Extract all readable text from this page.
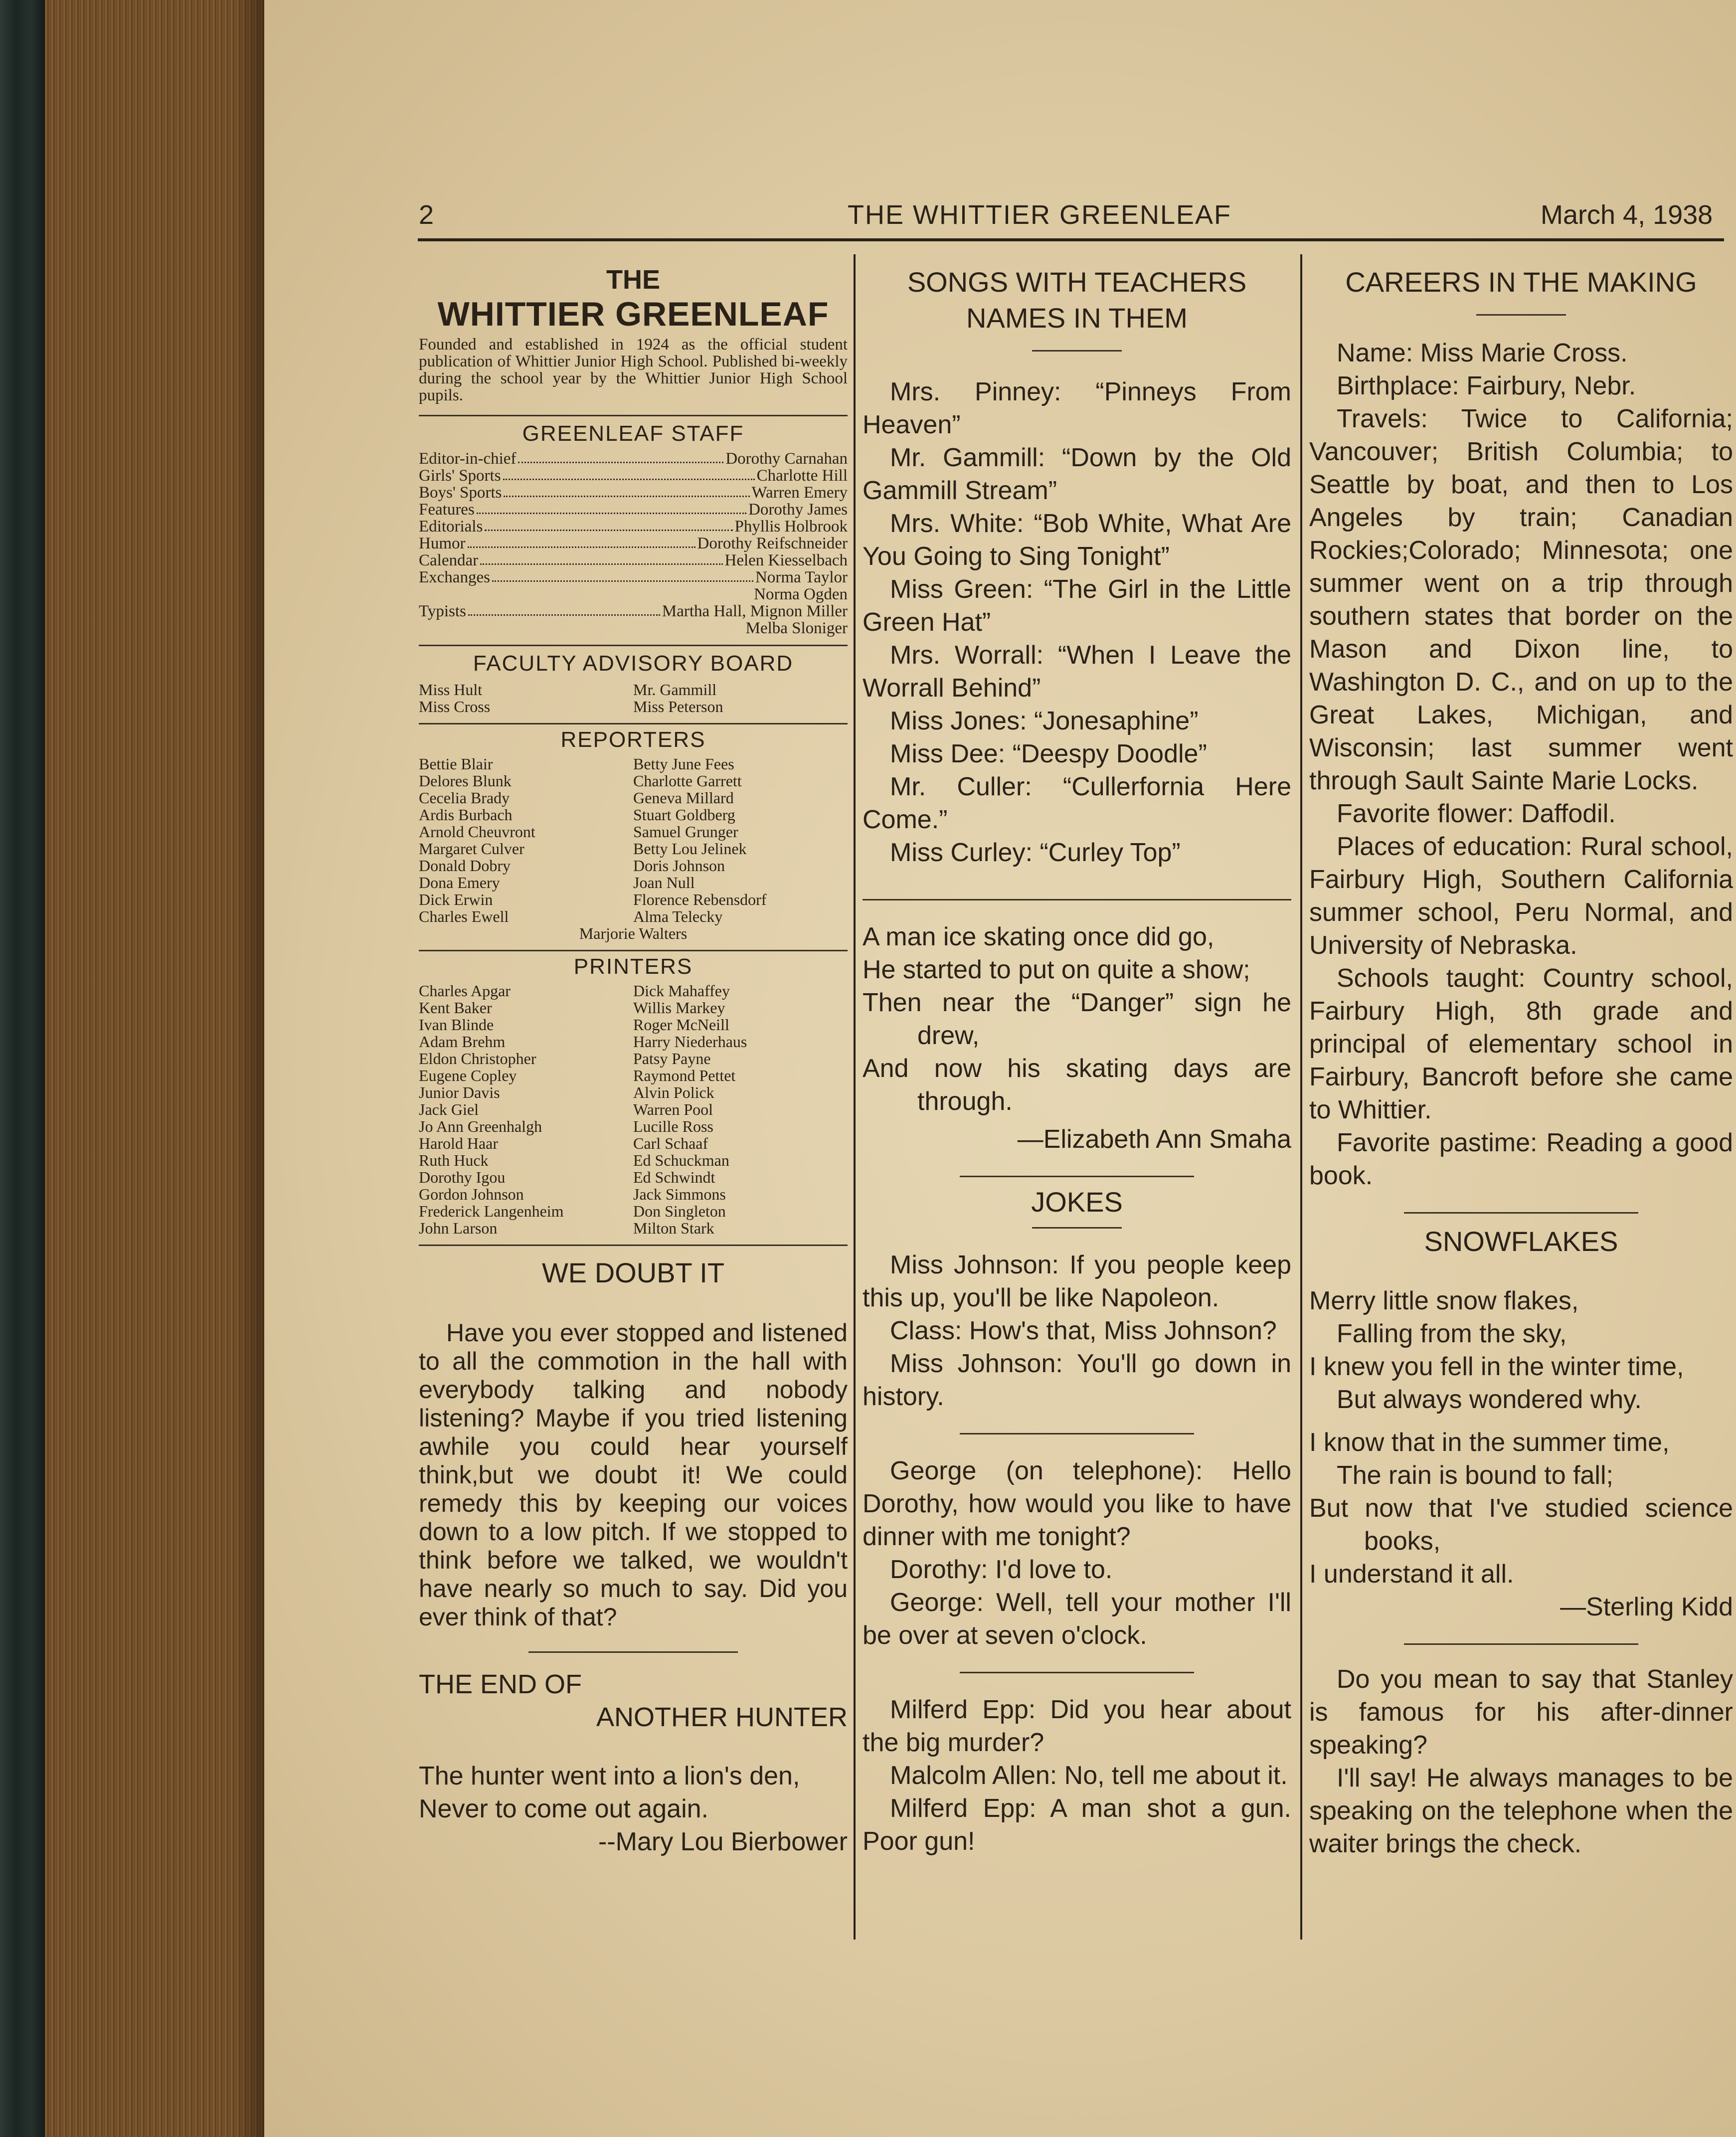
2	THE WHITTIER GREENLEAF	March 4, 1938
THE
WHITTIER GREENLEAF
Founded and established in 1924 as the official student publication of Whittier Junior High School. Published bi-weekly during the school year by the Whittier Junior High School pupils.
GREENLEAF STAFF
Editor-in-chief	Dorothy Carnahan
Girls' Sports	Charlotte Hill
Boys' Sports	Warren Emery
Features	Dorothy James
Editorials	Phyllis Holbrook
Humor	Dorothy Reifschneider
Calendar	Helen Kiesselbach
Exchanges	Norma Taylor
Norma Ogden
Typists	Martha Hall, Mignon Miller
Melba Sloniger
FACULTY ADVISORY BOARD
Miss Hult	Mr. Gammill
Miss Cross	Miss Peterson
REPORTERS
Bettie Blair	Betty June Fees
Delores Blunk	Charlotte Garrett
Cecelia Brady	Geneva Millard
Ardis Burbach	Stuart Goldberg
Arnold Cheuvront	Samuel Grunger
Margaret Culver	Betty Lou Jelinek
Donald Dobry	Doris Johnson
Dona Emery	Joan Null
Dick Erwin	Florence Rebensdorf
Charles Ewell	Alma Telecky
Marjorie Walters
PRINTERS
Charles Apgar	Dick Mahaffey
Kent Baker	Willis Markey
Ivan Blinde	Roger McNeill
Adam Brehm	Harry Niederhaus
Eldon Christopher	Patsy Payne
Eugene Copley	Raymond Pettet
Junior Davis	Alvin Polick
Jack Giel	Warren Pool
Jo Ann Greenhalgh	Lucille Ross
Harold Haar	Carl Schaaf
Ruth Huck	Ed Schuckman
Dorothy Igou	Ed Schwindt
Gordon Johnson	Jack Simmons
Frederick Langenheim	Don Singleton
John Larson	Milton Stark
WE DOUBT IT

Have you ever stopped and listened to all the commotion in the hall with everybody talking and nobody listening? Maybe if you tried listening awhile you could hear yourself think,but we doubt it! We could remedy this by keeping our voices down to a low pitch. If we stopped to think before we talked, we wouldn't have nearly so much to say. Did you ever think of that?

THE END OF
ANOTHER HUNTER

The hunter went into a lion's den,

Never to come out again.

--Mary Lou Bierbower

SONGS WITH TEACHERS
NAMES IN THEM

Mrs. Pinney: “Pinneys From Heaven”

Mr. Gammill: “Down by the Old Gammill Stream”

Mrs. White: “Bob White, What Are You Going to Sing Tonight”

Miss Green: “The Girl in the Little Green Hat”

Mrs. Worrall: “When I Leave the Worrall Behind”

Miss Jones: “Jonesaphine”

Miss Dee: “Deespy Doodle”

Mr. Culler: “Cullerfornia Here Come.”

Miss Curley: “Curley Top”

A man ice skating once did go,

He started to put on quite a show;

Then near the “Danger” sign he drew,

And now his skating days are through.

—Elizabeth Ann Smaha

JOKES

Miss Johnson: If you people keep this up, you'll be like Napoleon.

Class: How's that, Miss Johnson?

Miss Johnson: You'll go down in history.

George (on telephone): Hello Dorothy, how would you like to have dinner with me tonight?

Dorothy: I'd love to.

George: Well, tell your mother I'll be over at seven o'clock.

Milferd Epp: Did you hear about the big murder?

Malcolm Allen: No, tell me about it.

Milferd Epp: A man shot a gun. Poor gun!

CAREERS IN THE MAKING

Name: Miss Marie Cross.

Birthplace: Fairbury, Nebr.

Travels: Twice to California; Vancouver; British Columbia; to Seattle by boat, and then to Los Angeles by train; Canadian Rockies;Colorado; Minnesota; one summer went on a trip through southern states that border on the Mason and Dixon line, to Washington D. C., and on up to the Great Lakes, Michigan, and Wisconsin; last summer went through Sault Sainte Marie Locks.

Favorite flower: Daffodil.

Places of education: Rural school, Fairbury High, Southern California summer school, Peru Normal, and University of Nebraska.

Schools taught: Country school, Fairbury High, 8th grade and principal of elementary school in Fairbury, Bancroft before she came to Whittier.

Favorite pastime: Reading a good book.

SNOWFLAKES

Merry little snow flakes,

Falling from the sky,

I knew you fell in the winter time,

But always wondered why.

I know that in the summer time,

The rain is bound to fall;

But now that I've studied science books,

I understand it all.

—Sterling Kidd

Do you mean to say that Stanley is famous for his after-dinner speaking?

I'll say! He always manages to be speaking on the telephone when the waiter brings the check.
